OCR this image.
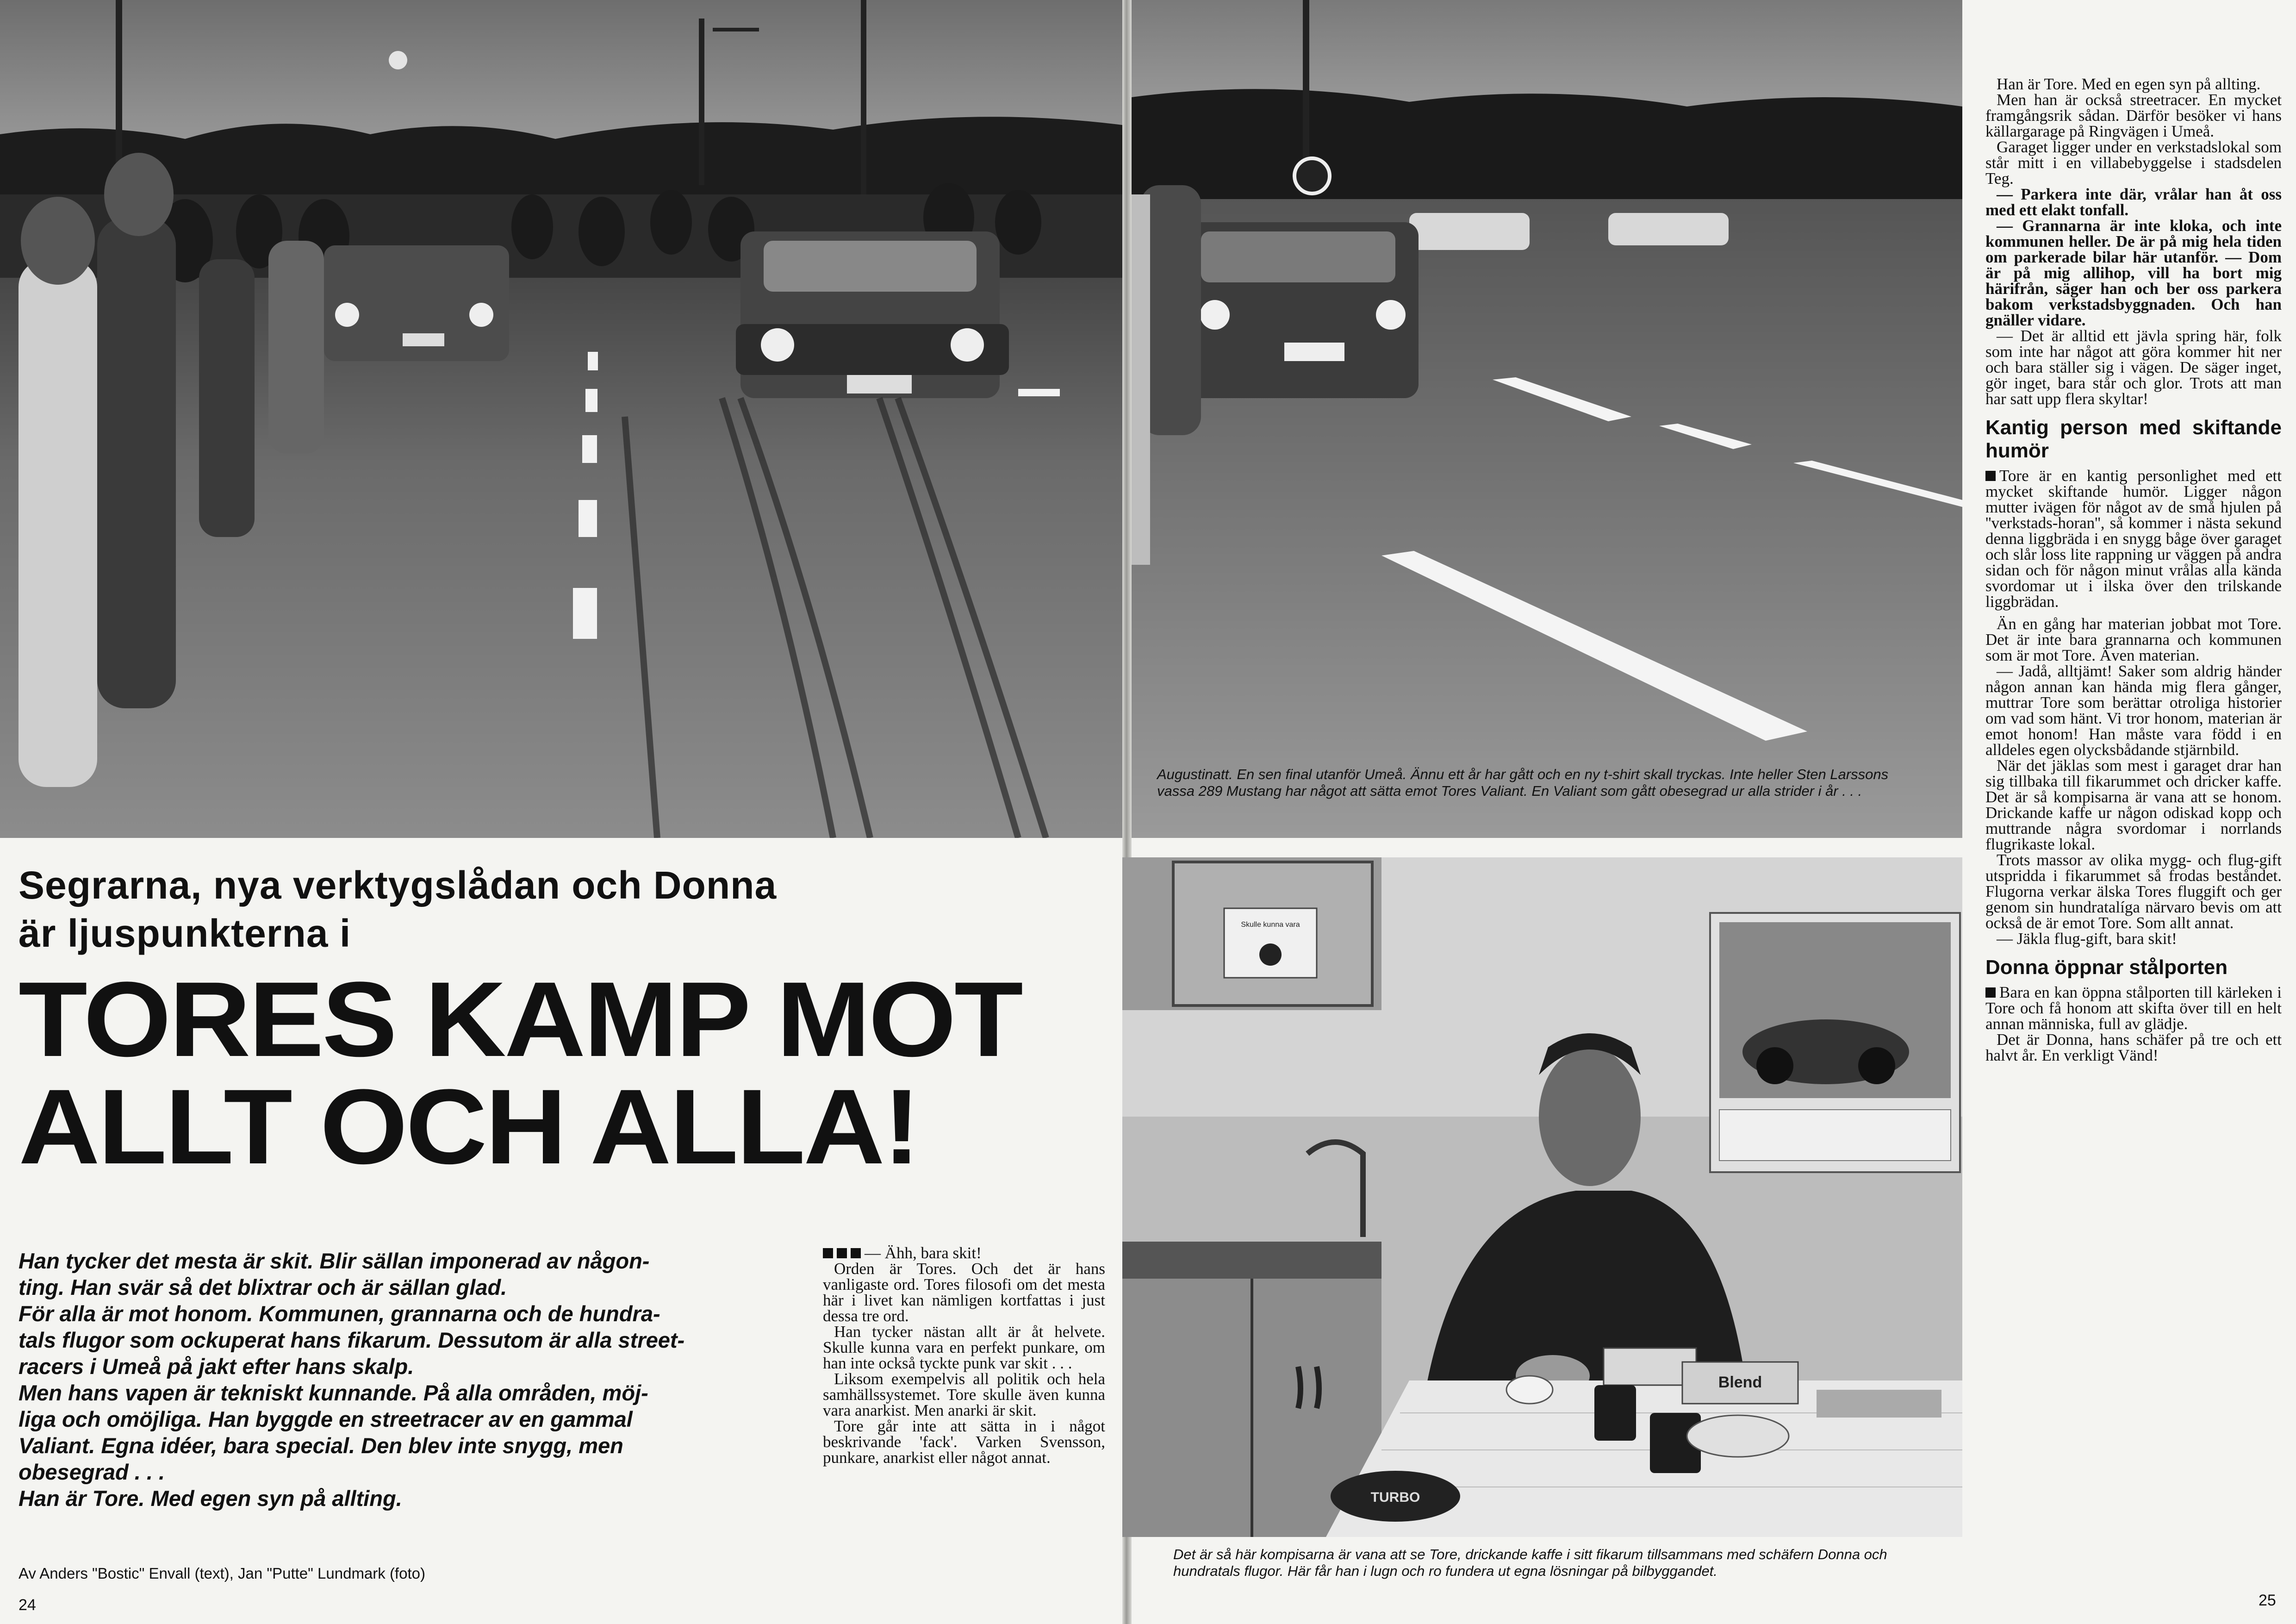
Skulle kunna vara
Blend
TURBO
Augustinatt. En sen final utanför Umeå. Ännu ett år har gått och en ny t-shirt skall tryckas. Inte heller Sten Larssons vassa 289 Mustang har något att sätta emot Tores Valiant. En Valiant som gått obesegrad ur alla strider i år . . .
Det är så här kompisarna är vana att se Tore, drickande kaffe i sitt fikarum tillsammans med schäfern Donna och hundratals flugor. Här får han i lugn och ro fundera ut egna lösningar på bilbyggandet.
Segrarna, nya verktygslådan och Donna
är ljuspunkterna i
TORES KAMP MOT
ALLT OCH ALLA!

Han tycker det mesta är skit. Blir sällan imponerad av någon-

ting. Han svär så det blixtrar och är sällan glad.

För alla är mot honom. Kommunen, grannarna och de hundra-

tals flugor som ockuperat hans fikarum. Dessutom är alla street-

racers i Umeå på jakt efter hans skalp.

Men hans vapen är tekniskt kunnande. På alla områden, möj-

liga och omöjliga. Han byggde en streetracer av en gammal

Valiant. Egna idéer, bara special. Den blev inte snygg, men

obesegrad . . .

Han är Tore. Med egen syn på allting.

Av Anders "Bostic" Envall (text), Jan "Putte" Lundmark (foto)
24	25

— Ähh, bara skit!

Orden är Tores. Och det är hans vanligaste ord. Tores filosofi om det mesta här i livet kan nämligen kortfattas i just dessa tre ord.

Han tycker nästan allt är åt helvete. Skulle kunna vara en perfekt punkare, om han inte också tyckte punk var skit . . .

Liksom exempelvis all politik och hela samhällssystemet. Tore skulle även kunna vara anarkist. Men anarki är skit.

Tore går inte att sätta in i något beskrivande 'fack'. Varken Svensson, punkare, anarkist eller något annat.

Han är Tore. Med en egen syn på allting.

Men han är också streetracer. En mycket framgångsrik sådan. Därför besöker vi hans källargarage på Ringvägen i Umeå.

Garaget ligger under en verkstadslokal som står mitt i en villabebyggelse i stadsdelen Teg.

— Parkera inte där, vrålar han åt oss med ett elakt tonfall.

— Grannarna är inte kloka, och inte kommunen heller. De är på mig hela tiden om parkerade bilar här utanför. — Dom är på mig allihop, vill ha bort mig härifrån, säger han och ber oss parkera bakom verkstadsbyggnaden. Och han gnäller vidare.

— Det är alltid ett jävla spring här, folk som inte har något att göra kommer hit ner och bara ställer sig i vägen. De säger inget, gör inget, bara står och glor. Trots att man har satt upp flera skyltar!

Kantig person med skiftande humör

Tore är en kantig personlighet med ett mycket skiftande humör. Ligger någon mutter ivägen för något av de små hjulen på ''verkstads-horan'', så kommer i nästa sekund denna liggbräda i en snygg båge över garaget och slår loss lite rappning ur väggen på andra sidan och för någon minut vrålas alla kända svordomar ut i ilska över den trilskande liggbrädan.

Än en gång har materian jobbat mot Tore. Det är inte bara grannarna och kommunen som är mot Tore. Även materian.

— Jadå, alltjämt! Saker som aldrig händer någon annan kan hända mig flera gånger, muttrar Tore som berättar otroliga historier om vad som hänt. Vi tror honom, materian är emot honom! Han måste vara född i en alldeles egen olycksbådande stjärnbild.

När det jäklas som mest i garaget drar han sig tillbaka till fikarummet och dricker kaffe. Det är så kompisarna är vana att se honom. Drickande kaffe ur någon odiskad kopp och muttrande några svordomar i norrlands flugrikaste lokal.

Trots massor av olika mygg- och flug-gift utspridda i fikarummet så frodas beståndet. Flugorna verkar älska Tores fluggift och ger genom sin hundratalíga närvaro bevis om att också de är emot Tore. Som allt annat.

— Jäkla flug-gift, bara skit!

Donna öppnar stålporten

Bara en kan öppna stålporten till kärleken i Tore och få honom att skifta över till en helt annan människa, full av glädje.

Det är Donna, hans schäfer på tre och ett halvt år. En verkligt Vänd!
